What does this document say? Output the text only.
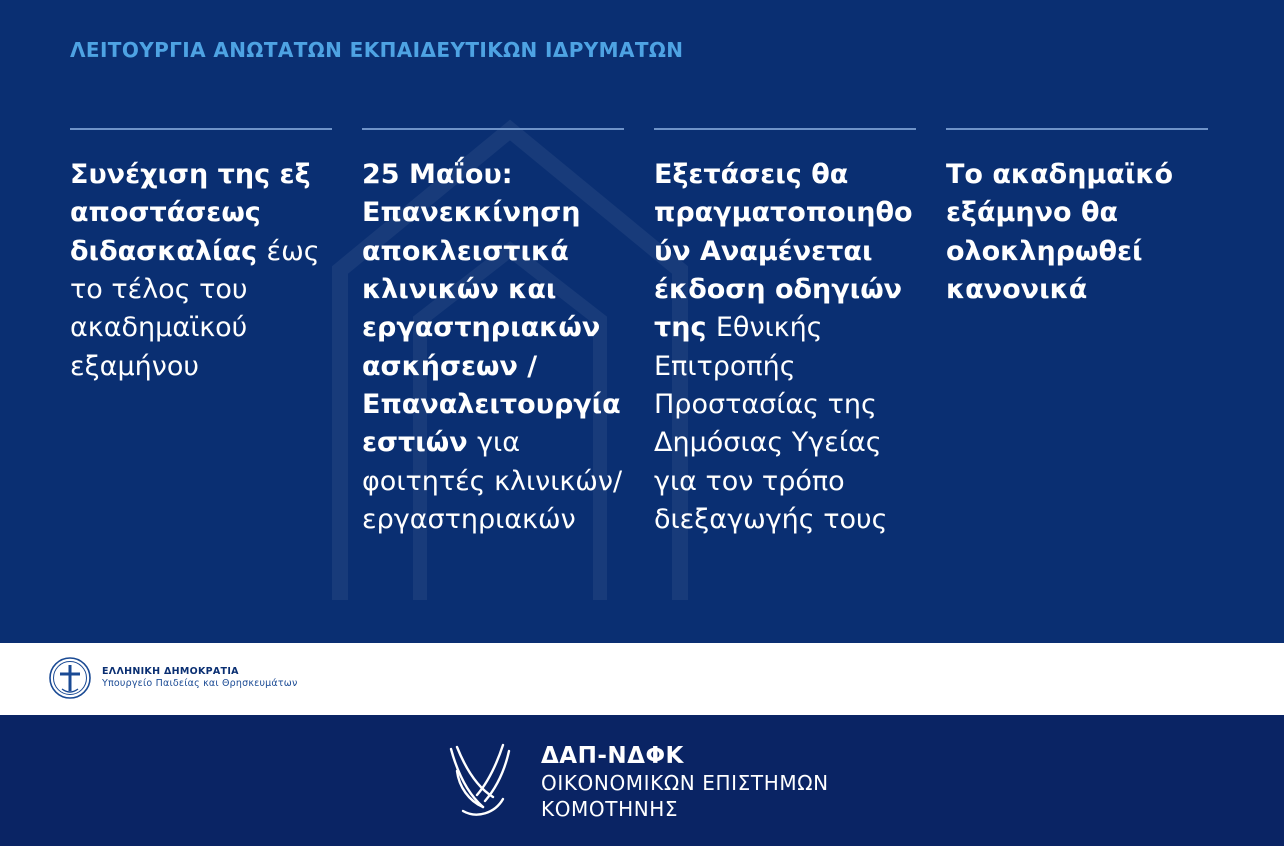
ΛΕΙΤΟΥΡΓΙΑ ΑΝΩΤΑΤΩΝ ΕΚΠΑΙΔΕΥΤΙΚΩΝ ΙΔΡΥΜΑΤΩΝ
Συνέχιση της εξ αποστάσεως διδασκαλίας έως το τέλος του ακαδημαϊκού εξαμήνου
25 Μαΐου: Επανεκκίνηση αποκλειστικά κλινικών και εργαστηριακών ασκήσεων / Επαναλειτουργία εστιών για φοιτητές κλινικών/εργαστηριακών
Εξετάσεις θα πραγματοποιηθούν Αναμένεται έκδοση οδηγιών της Εθνικής Επιτροπής Προστασίας της Δημόσιας Υγείας για τον τρόπο διεξαγωγής τους
Το ακαδημαϊκό εξάμηνο θα ολοκληρωθεί κανονικά
ΕΛΛΗΝΙΚΗ ΔΗΜΟΚΡΑΤΙΑ
Υπουργείο Παιδείας και Θρησκευμάτων
ΔΑΠ-ΝΔΦΚ
ΟΙΚΟΝΟΜΙΚΩΝ ΕΠΙΣΤΗΜΩΝ
ΚΟΜΟΤΗΝΗΣ
